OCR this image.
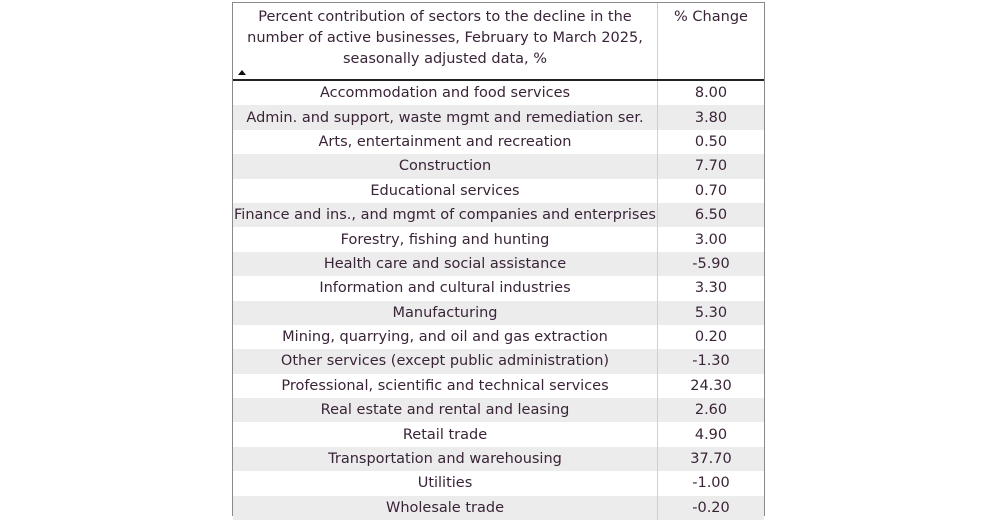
Percent contribution of sectors to the decline in the number of active businesses, February to March 2025, seasonally adjusted data, %
% Change
Accommodation and food services	8.00
Admin. and support, waste mgmt and remediation ser.	3.80
Arts, entertainment and recreation	0.50
Construction	7.70
Educational services	0.70
Finance and ins., and mgmt of companies and enterprises	6.50
Forestry, fishing and hunting	3.00
Health care and social assistance	-5.90
Information and cultural industries	3.30
Manufacturing	5.30
Mining, quarrying, and oil and gas extraction	0.20
Other services (except public administration)	-1.30
Professional, scientific and technical services	24.30
Real estate and rental and leasing	2.60
Retail trade	4.90
Transportation and warehousing	37.70
Utilities	-1.00
Wholesale trade	-0.20
